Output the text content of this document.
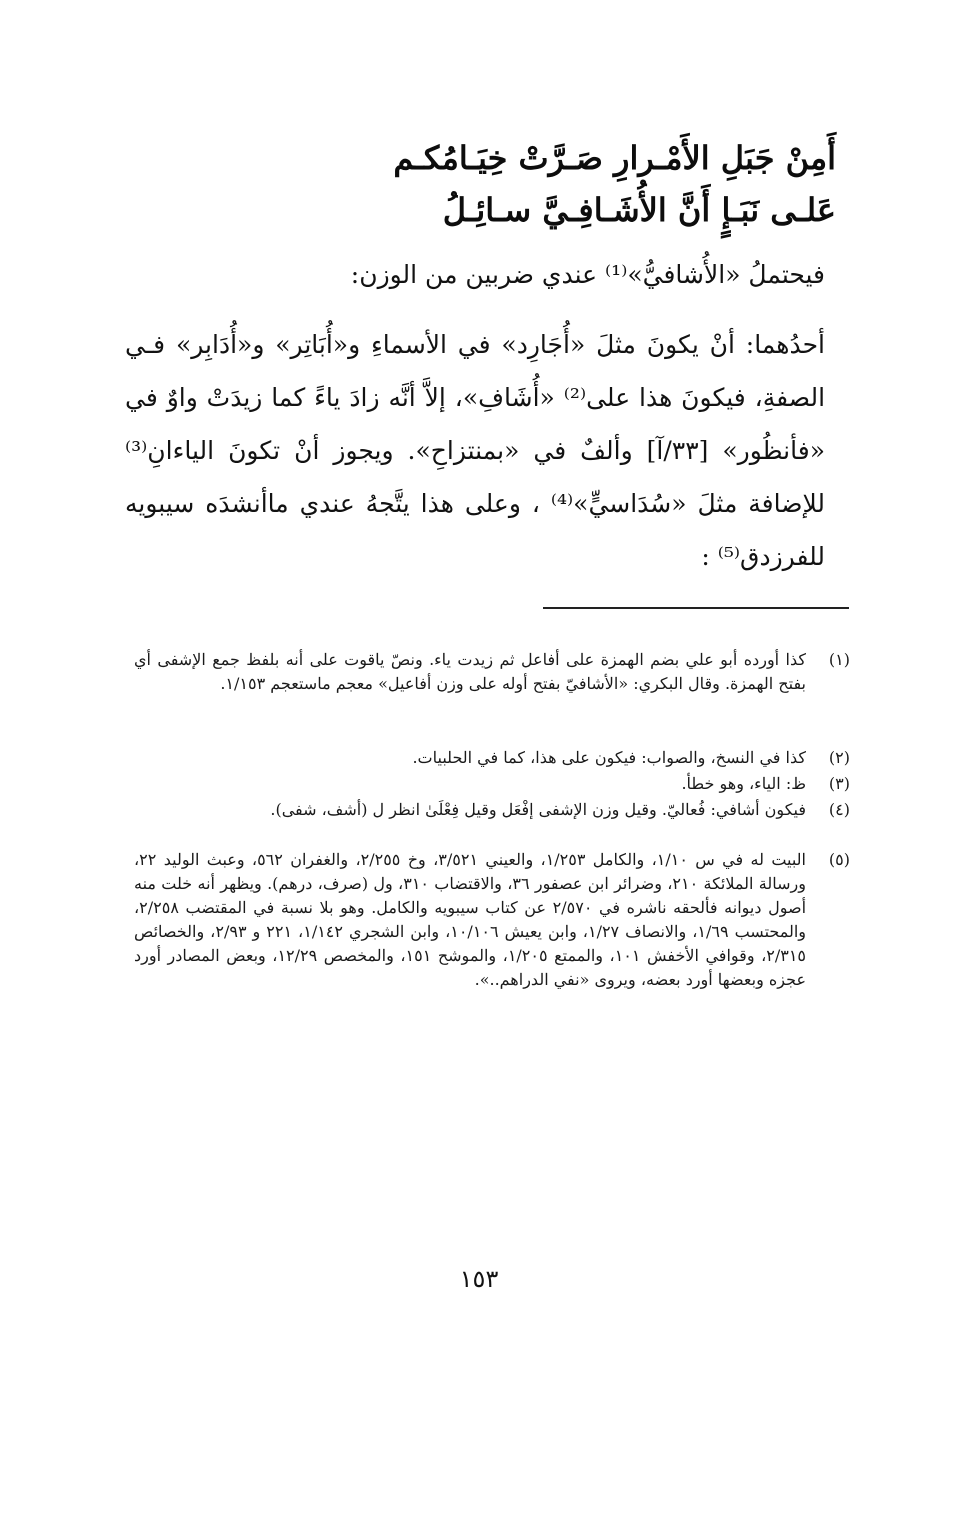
أَمِنْ جَبَلِ الأَمْـرارِ صَـرَّتْ خِيَـامُكـم
عَلـى نَبَـإٍ أَنَّ الأُشَـافِـيَّ سـائِـلُ
فيحتملُ «الأُشافيُّ»⁽¹⁾ عندي ضربين من الوزن:
أحدُهما: أنْ يكونَ مثلَ «أُجَارِد» في الأسماءِ و«أُبَاتِر» و«أُدَابِر» فـي الصفةِ، فيكونَ هذا على⁽²⁾ «أُشَافِ»، إلاَّ أنَّه زادَ ياءً كما زيدَتْ واوٌ في «فأنظُور» [٣٣/آ] وألفٌ في «بمنتزاحِ». ويجوز أنْ تكونَ الياءانِ⁽³⁾ للإضافة مثلَ «سُدَاسيٍّ»⁽⁴⁾ ، وعلى هذا يتَّجهُ عندي ماأنشدَه سيبويه للفرزدق⁽⁵⁾ :
(١)
كذا أورده أبو علي بضم الهمزة على أفاعل ثم زيدت ياء. ونصّ ياقوت على أنه بلفظ جمع الإشفى أي بفتح الهمزة. وقال البكري: «الأشافيّ بفتح أوله على وزن أفاعيل» معجم ماستعجم ١/١٥٣.
(٢)
كذا في النسخ، والصواب: فيكون على هذا، كما في الحلبيات.
(٣)
ظ: الياء، وهو خطأ.
(٤)
فيكون أشافي: فُعاليّ. وقيل وزن الإشفى إفْعَل وقيل فِعْلَىٰ انظر ل (أشف، شفى).
(٥)
البيت له في س ١/١٠، والكامل ١/٢٥٣، والعيني ٣/٥٢١، وخ ٢/٢٥٥، والغفران ٥٦٢، وعبث الوليد ٢٢، ورسالة الملائكة ٢١٠، وضرائر ابن عصفور ٣٦، والاقتضاب ٣١٠، ول (صرف، درهم). ويظهر أنه خلت منه أصول ديوانه فألحقه ناشره في ٢/٥٧٠ عن كتاب سيبويه والكامل. وهو بلا نسبة في المقتضب ٢/٢٥٨، والمحتسب ١/٦٩، والانصاف ١/٢٧، وابن يعيش ١٠/١٠٦، وابن الشجري ١/١٤٢، ٢٢١ و ٢/٩٣، والخصائص ٢/٣١٥، وقوافي الأخفش ١٠١، والممتع ١/٢٠٥، والموشح ١٥١، والمخصص ١٢/٢٩، وبعض المصادر أورد عجزه وبعضها أورد بعضه، ويروى «نفي الدراهم..».
١٥٣
